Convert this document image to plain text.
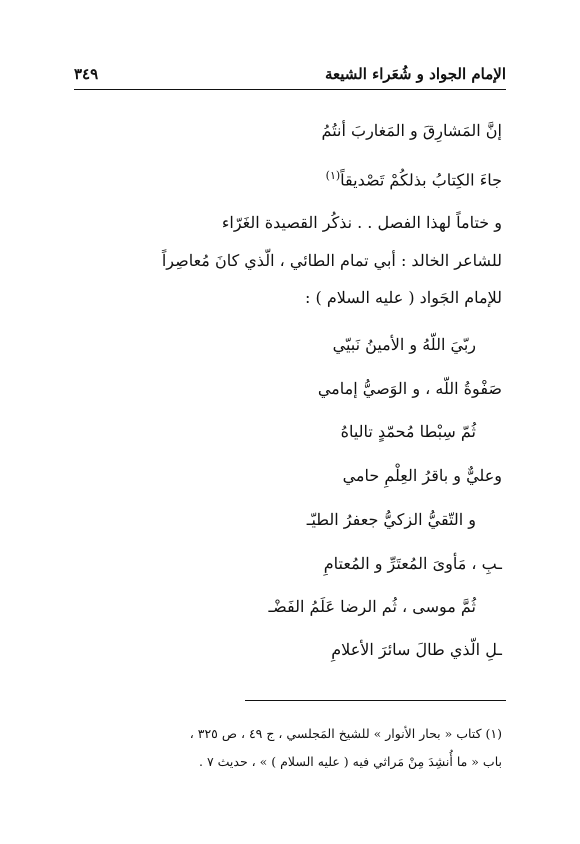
الإمام الجواد و شُعَراء الشيعة
٣٤٩
إنَّ المَشارِقَ و المَغاربَ أنتُمُ
جاءَ الكِتابُ بذلكُمْ تَصْديقاً$^{(١)}$
و ختاماً لهذا الفصل . . نذكُر القصيدة الغَرّاء
للشاعر الخالد : أبي تمام الطائي ، الّذي كانَ مُعاصِراً
للإمام الجَواد ( عليه السلام ) :
ربّيَ اللّهُ و الأمينُ نَبيّي
صَفْوةُ اللّه ، و الوَصيُّ إمامي
ثُمّ سِبْطا مُحمّدٍ تالياهُ
وعليٌّ و باقرُ العِلْمِ حامي
و التّقيُّ الزكيُّ جعفرُ الطيّـ
ـبِ ، مَأوىَ المُعتَرِّ و المُعتامِ
ثُمَّ موسى ، ثُم الرضا عَلَمُ الفَضْـ
ـلِ الّذي طالَ سائرَ الأعلامِ
(١) كتاب « بحار الأنوار » للشيخ المَجلسي ، ج ٤٩ ، ص ٣٢٥ ،
باب « ما أُنشِدَ مِنْ مَراثي فيه ( عليه السلام ) » ، حديث ٧ .
